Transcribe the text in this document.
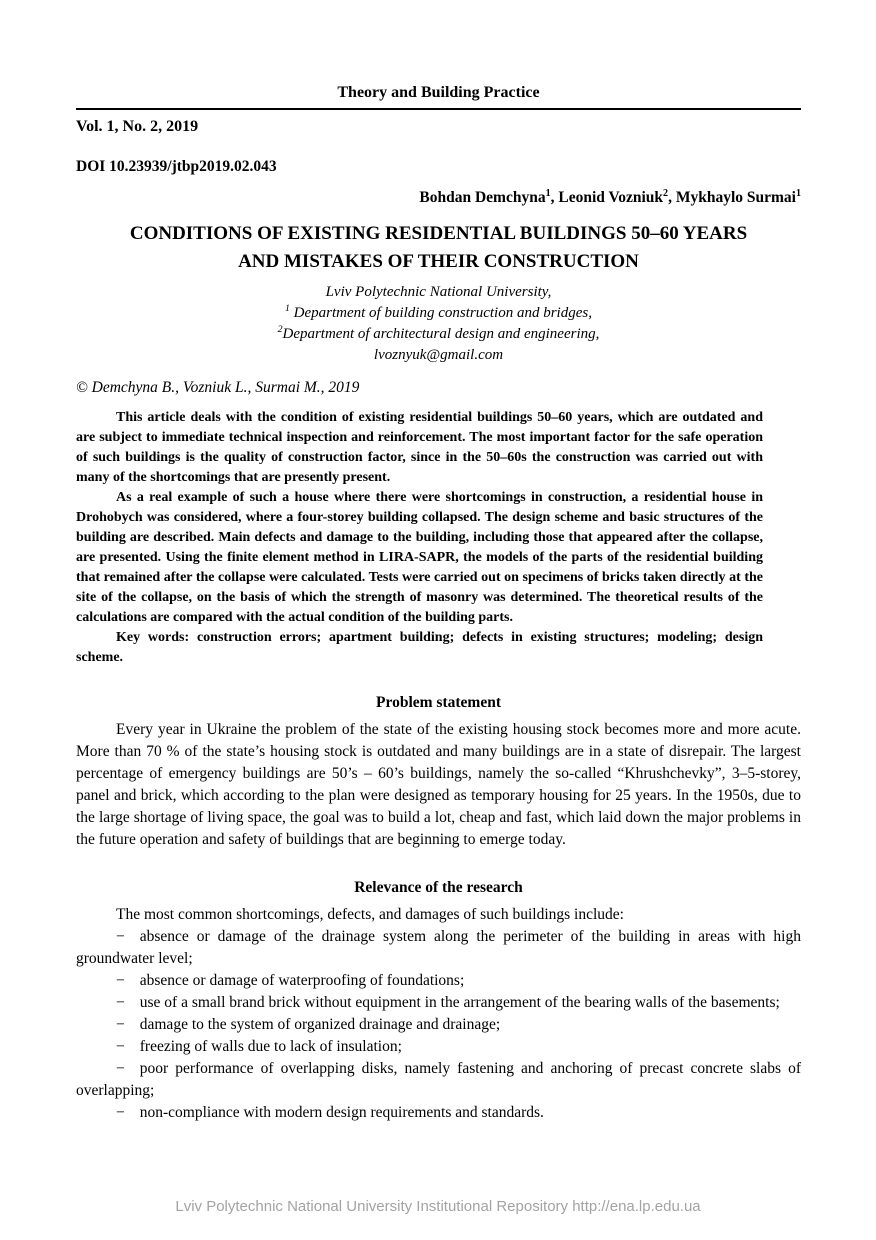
Theory and Building Practice
Vol. 1, No. 2, 2019
DOI 10.23939/jtbp2019.02.043
Bohdan Demchyna$^1$, Leonid Vozniuk$^2$, Mykhaylo Surmai$^1$
CONDITIONS OF EXISTING RESIDENTIAL BUILDINGS 50–60 YEARS
AND MISTAKES OF THEIR CONSTRUCTION
Lviv Polytechnic National University,
$^1$ Department of building construction and bridges,
$^2$Department of architectural design and engineering,
lvoznyuk@gmail.com
© Demchyna B., Vozniuk L., Surmai M., 2019

This article deals with the condition of existing residential buildings 50–60 years, which are outdated and are subject to immediate technical inspection and reinforcement. The most important factor for the safe operation of such buildings is the quality of construction factor, since in the 50–60s the construction was carried out with many of the shortcomings that are presently present.

As a real example of such a house where there were shortcomings in construction, a residential house in Drohobych was considered, where a four-storey building collapsed. The design scheme and basic structures of the building are described. Main defects and damage to the building, including those that appeared after the collapse, are presented. Using the finite element method in LIRA-SAPR, the models of the parts of the residential building that remained after the collapse were calculated. Tests were carried out on specimens of bricks taken directly at the site of the collapse, on the basis of which the strength of masonry was determined. The theoretical results of the calculations are compared with the actual condition of the building parts.

Key words: construction errors; apartment building; defects in existing structures; modeling; design scheme.

Problem statement

Every year in Ukraine the problem of the state of the existing housing stock becomes more and more acute. More than 70 % of the state’s housing stock is outdated and many buildings are in a state of disrepair. The largest percentage of emergency buildings are 50’s – 60’s buildings, namely the so-called “Khrushchevky”, 3–5-storey, panel and brick, which according to the plan were designed as temporary housing for 25 years. In the 1950s, due to the large shortage of living space, the goal was to build a lot, cheap and fast, which laid down the major problems in the future operation and safety of buildings that are beginning to emerge today.

Relevance of the research

The most common shortcomings, defects, and damages of such buildings include:

− absence or damage of the drainage system along the perimeter of the building in areas with high groundwater level;

− absence or damage of waterproofing of foundations;

− use of a small brand brick without equipment in the arrangement of the bearing walls of the basements;

− damage to the system of organized drainage and drainage;

− freezing of walls due to lack of insulation;

− poor performance of overlapping disks, namely fastening and anchoring of precast concrete slabs of overlapping;

− non-compliance with modern design requirements and standards.

Lviv Polytechnic National University Institutional Repository http://ena.lp.edu.ua
